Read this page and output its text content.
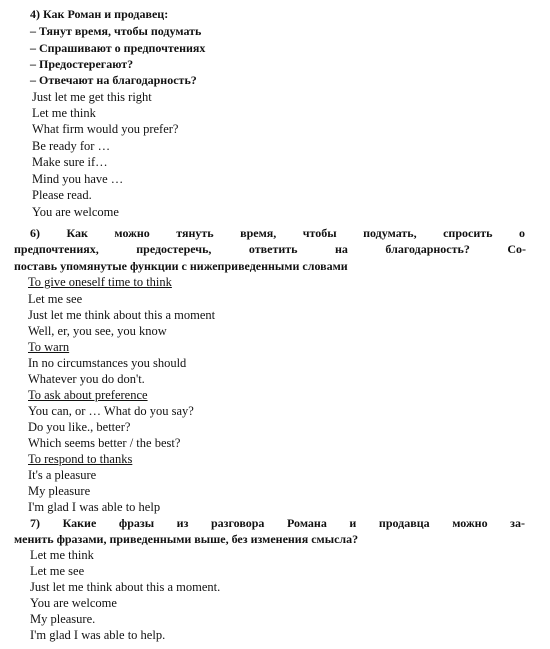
4) Как Роман и продавец:
– Тянут время, чтобы подумать
– Спрашивают о предпочтениях
– Предостерегают?
– Отвечают на благодарность?
Just let me get this right
Let me think
What firm would you prefer?
Be ready for …
Make sure if…
Mind you have …
Please read.
You are welcome
6) Как можно тянуть время, чтобы подумать, спросить о
предпочтениях, предостеречь, ответить на благодарность? Со-
поставь упомянутые функции с нижеприведенными словами
To give oneself time to think
Let me see
Just let me think about this a moment
Well, er, you see, you know
To warn
In no circumstances you should
Whatever you do don't.
To ask about preference
You can, or … What do you say?
Do you like., better?
Which seems better / the best?
To respond to thanks
It's a pleasure
My pleasure
I'm glad I was able to help
7) Какие фразы из разговора Романа и продавца можно за-
менить фразами, приведенными выше, без изменения смысла?
Let me think
Let me see
Just let me think about this a moment.
You are welcome
My pleasure.
I'm glad I was able to help.
